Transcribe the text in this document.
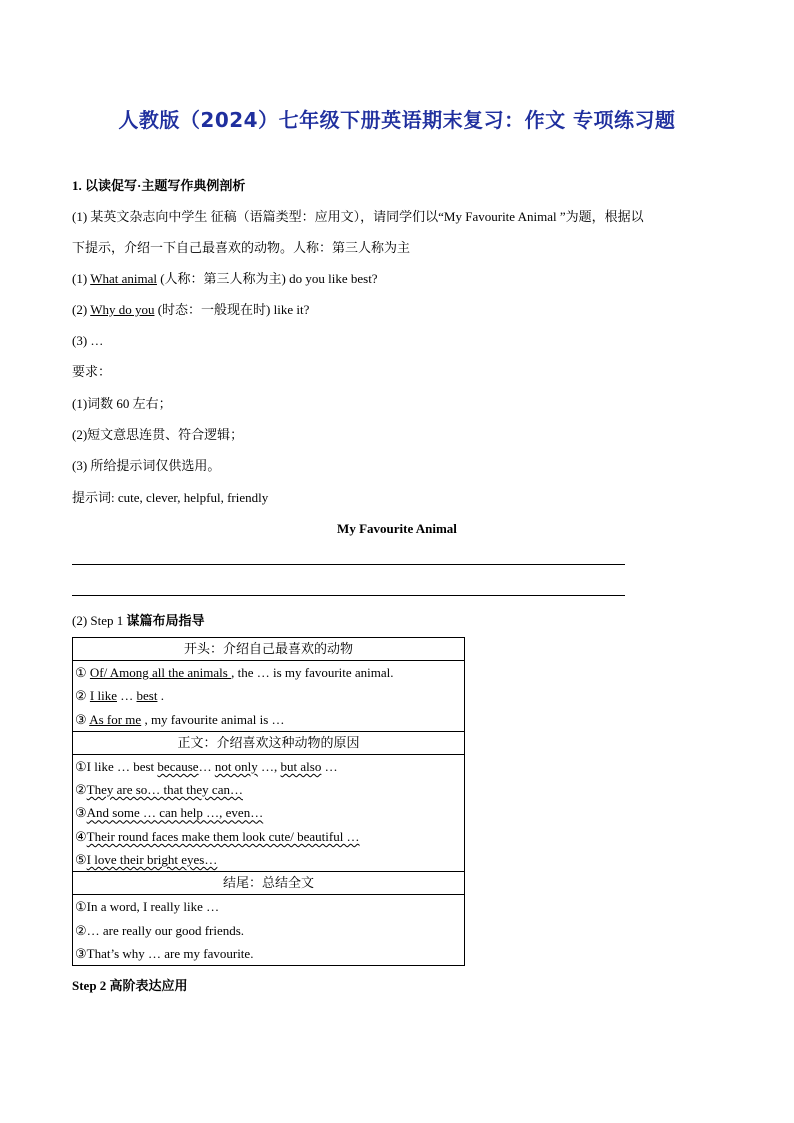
人教版（2024）七年级下册英语期末复习：作文 专项练习题
1. 以读促写·主题写作典例剖析
(1) 某英文杂志向中学生 征稿（语篇类型：应用文），请同学们以“My Favourite Animal ”为题，根据以
下提示，介绍一下自己最喜欢的动物。人称：第三人称为主
(1) What animal (人称：第三人称为主) do you like best?
(2) Why do you (时态：一般现在时) like it?
(3) …
要求：
(1)词数 60 左右；
(2)短文意思连贯、符合逻辑；
(3) 所给提示词仅供选用。
提示词: cute, clever, helpful, friendly
My Favourite Animal
(2) Step 1 谋篇布局指导
开头：介绍自己最喜欢的动物

① Of/ Among all the animals , the … is my favourite animal.
② I like … best .
③ As for me , my favourite animal is …

正文：介绍喜欢这种动物的原因

①I like … best because… not only …, but also …
②They are so… that they can…
③And some … can help …, even…
④Their round faces make them look cute/ beautiful …
⑤I love their bright eyes…

结尾：总结全文

①In a word, I really like …
②… are really our good friends.
③That’s why … are my favourite.
Step 2 高阶表达应用
